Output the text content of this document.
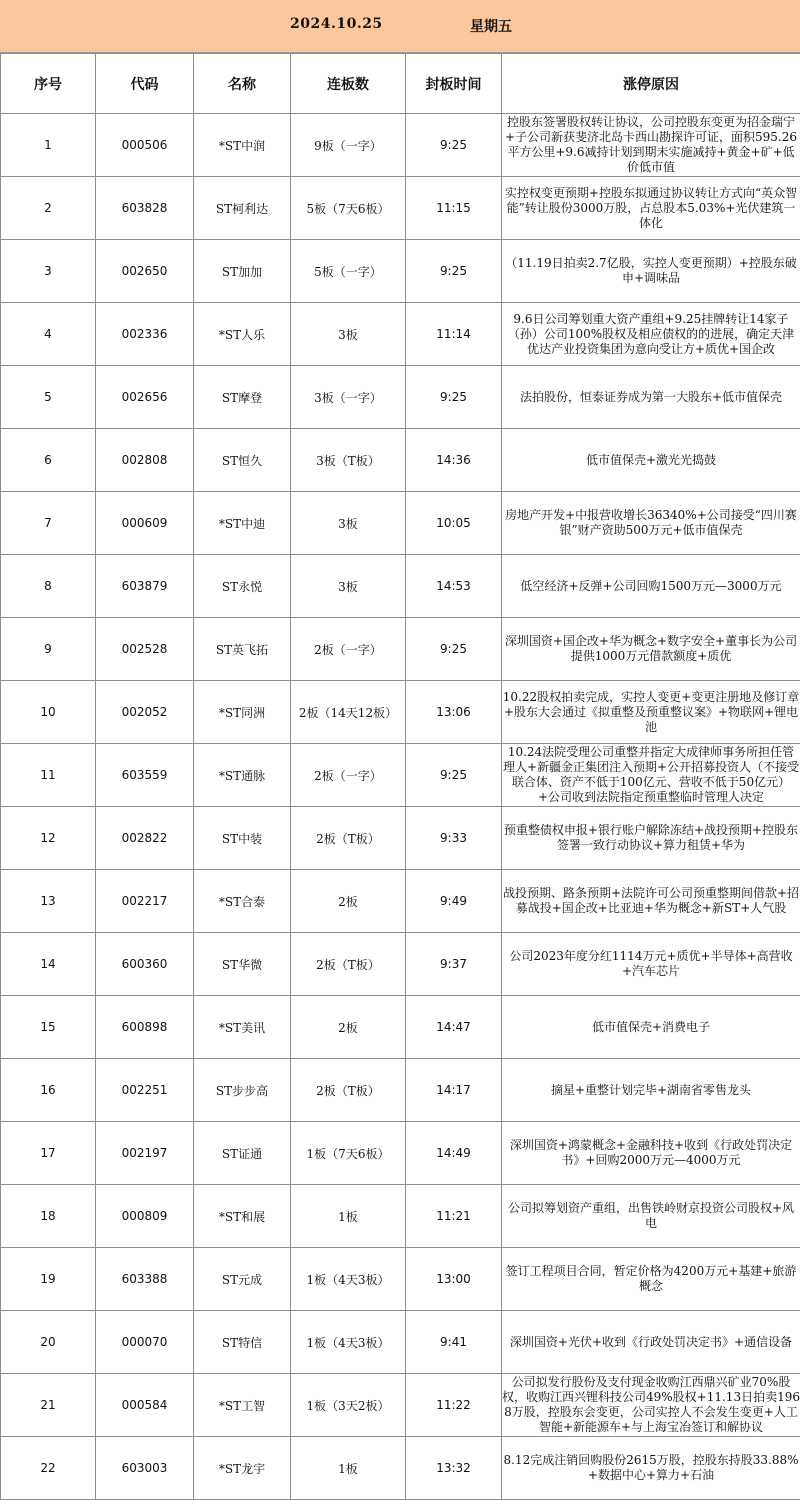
2024.10.25	星期五
序号	代码	名称	连板数	封板时间	涨停原因
1	000506	*ST中润	9板（一字）	9:25	控股东签署股权转让协议，公司控股东变更为招金瑞宁+子公司新获斐济北岛卡西山勘探许可证，面积595.26平方公里+9.6减持计划到期未实施减持+黄金+矿+低价低市值
2	603828	ST柯利达	5板（7天6板）	11:15	实控权变更预期+控股东拟通过协议转让方式向“英众智能”转让股份3000万股，占总股本5.03%+光伏建筑一体化
3	002650	ST加加	5板（一字）	9:25	（11.19日拍卖2.7亿股，实控人变更预期）+控股东破申+调味品
4	002336	*ST人乐	3板	11:14	9.6日公司筹划重大资产重组+9.25挂牌转让14家子（孙）公司100%股权及相应债权的的进展，确定天津优达产业投资集团为意向受让方+质优+国企改
5	002656	ST摩登	3板（一字）	9:25	法拍股份，恒泰证券成为第一大股东+低市值保壳
6	002808	ST恒久	3板（T板）	14:36	低市值保壳+激光光捣鼓
7	000609	*ST中迪	3板	10:05	房地产开发+中报营收增长36340%+公司接受“四川赛银”财产资助500万元+低市值保壳
8	603879	ST永悦	3板	14:53	低空经济+反弹+公司回购1500万元—3000万元
9	002528	ST英飞拓	2板（一字）	9:25	深圳国资+国企改+华为概念+数字安全+董事长为公司提供1000万元借款额度+质优
10	002052	*ST同洲	2板（14天12板）	13:06	10.22股权拍卖完成，实控人变更+变更注册地及修订章+股东大会通过《拟重整及预重整议案》+物联网+锂电池
11	603559	*ST通脉	2板（一字）	9:25	10.24法院受理公司重整并指定大成律师事务所担任管理人+新疆金正集团注入预期+公开招募投资人（不接受联合体、资产不低于100亿元、营收不低于50亿元）+公司收到法院指定预重整临时管理人决定
12	002822	ST中装	2板（T板）	9:33	预重整债权申报+银行账户解除冻结+战投预期+控股东签署一致行动协议+算力租赁+华为
13	002217	*ST合泰	2板	9:49	战投预期、路条预期+法院许可公司预重整期间借款+招募战投+国企改+比亚迪+华为概念+新ST+人气股
14	600360	ST华微	2板（T板）	9:37	公司2023年度分红1114万元+质优+半导体+高营收+汽车芯片
15	600898	*ST美讯	2板	14:47	低市值保壳+消费电子
16	002251	ST步步高	2板（T板）	14:17	摘星+重整计划完毕+湖南省零售龙头
17	002197	ST证通	1板（7天6板）	14:49	深圳国资+鸿蒙概念+金融科技+收到《行政处罚决定书》+回购2000万元—4000万元
18	000809	*ST和展	1板	11:21	公司拟筹划资产重组，出售铁岭财京投资公司股权+风电
19	603388	ST元成	1板（4天3板）	13:00	签订工程项目合同，暂定价格为4200万元+基建+旅游概念
20	000070	ST特信	1板（4天3板）	9:41	深圳国资+光伏+收到《行政处罚决定书》+通信设备
21	000584	*ST工智	1板（3天2板）	11:22	公司拟发行股份及支付现金收购江西鼎兴矿业70%股权，收购江西兴锂科技公司49%股权+11.13日拍卖1968万股，控股东会变更，公司实控人不会发生变更+人工智能+新能源车+与上海宝冶签订和解协议
22	603003	*ST龙宇	1板	13:32	8.12完成注销回购股份2615万股，控股东持股33.88%+数据中心+算力+石油
